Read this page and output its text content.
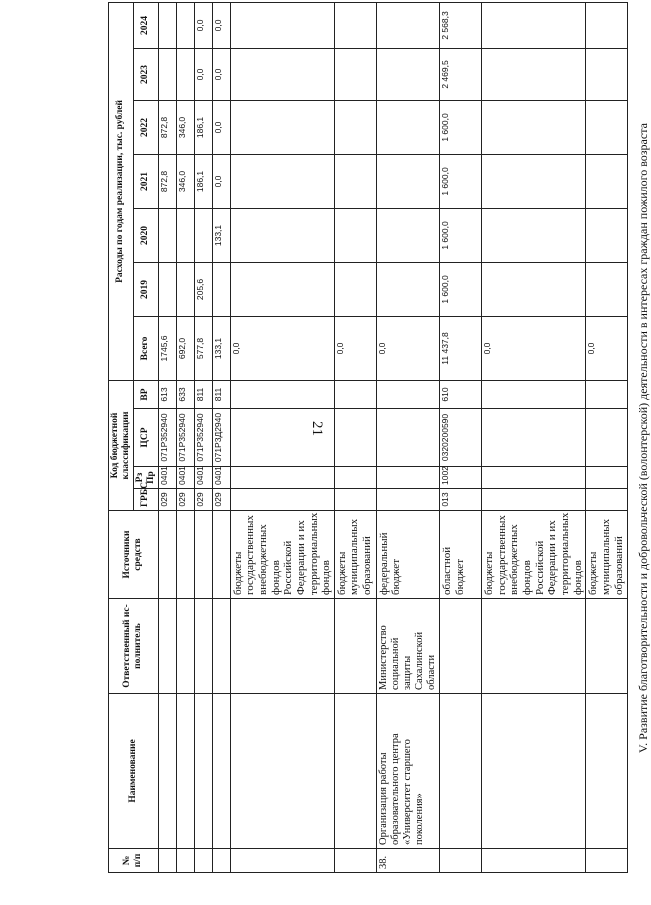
21
№ п/п	Наименование	Ответственный ис-полнитель	Источники средств	Код бюджетной классификации				Расходы по годам реализации, тыс. рублей						
				ГРБС	Рз Пр	ЦСР	ВР	Всего	2019	2020	2021	2022	2023	2024
				029	0401	071P352940	613	1745,6			872,8	872,8		
				029	0401	071P352940	633	692,0			346,0	346,0		
				029	0401	071P352940	811	577,8	205,6		186,1	186,1	0,0	0,0
				029	0401	071P3Д2940	811	133,1		133,1	0,0	0,0	0,0	0,0
			бюджеты государственных внебюджетных фондов Российской Федерации и их территориальных фондов					0,0						
			бюджеты муниципальных образований					0,0						
38.	Организация работы образовательного центра «Университет старшего поколения»	Министерство социальной защиты Сахалинской области	федеральный бюджет					0,0						
			областной бюджет	013	1002	0320200590	610	11 437,8	1 600,0	1 600,0	1 600,0	1 600,0	2 469,5	2 568,3
			бюджеты государственных внебюджетных фондов Российской Федерации и их территориальных фондов					0,0						
			бюджеты муниципальных образований					0,0							V. Развитие благотворительности и добровольческой (волонтерской) деятельности в интересах граждан пожилого возраста
